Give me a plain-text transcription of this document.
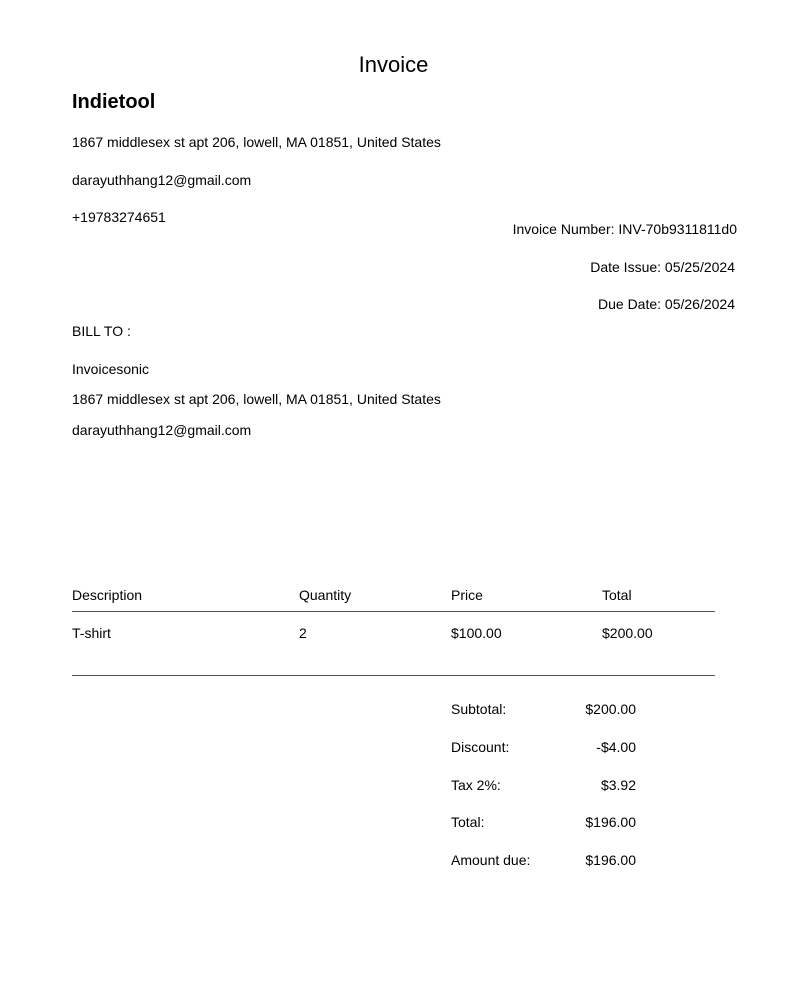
Invoice
Indietool
1867 middlesex st apt 206, lowell, MA 01851, United States
darayuthhang12@gmail.com
+19783274651
Invoice Number: INV-70b9311811d0
Date Issue: 05/25/2024
Due Date: 05/26/2024
BILL TO :
Invoicesonic
1867 middlesex st apt 206, lowell, MA 01851, United States
darayuthhang12@gmail.com
Description	Quantity	Price	Total
T-shirt	2	$100.00	$200.00
Subtotal:	$200.00
Discount:	-$4.00
Tax 2%:	$3.92
Total:	$196.00
Amount due:	$196.00
